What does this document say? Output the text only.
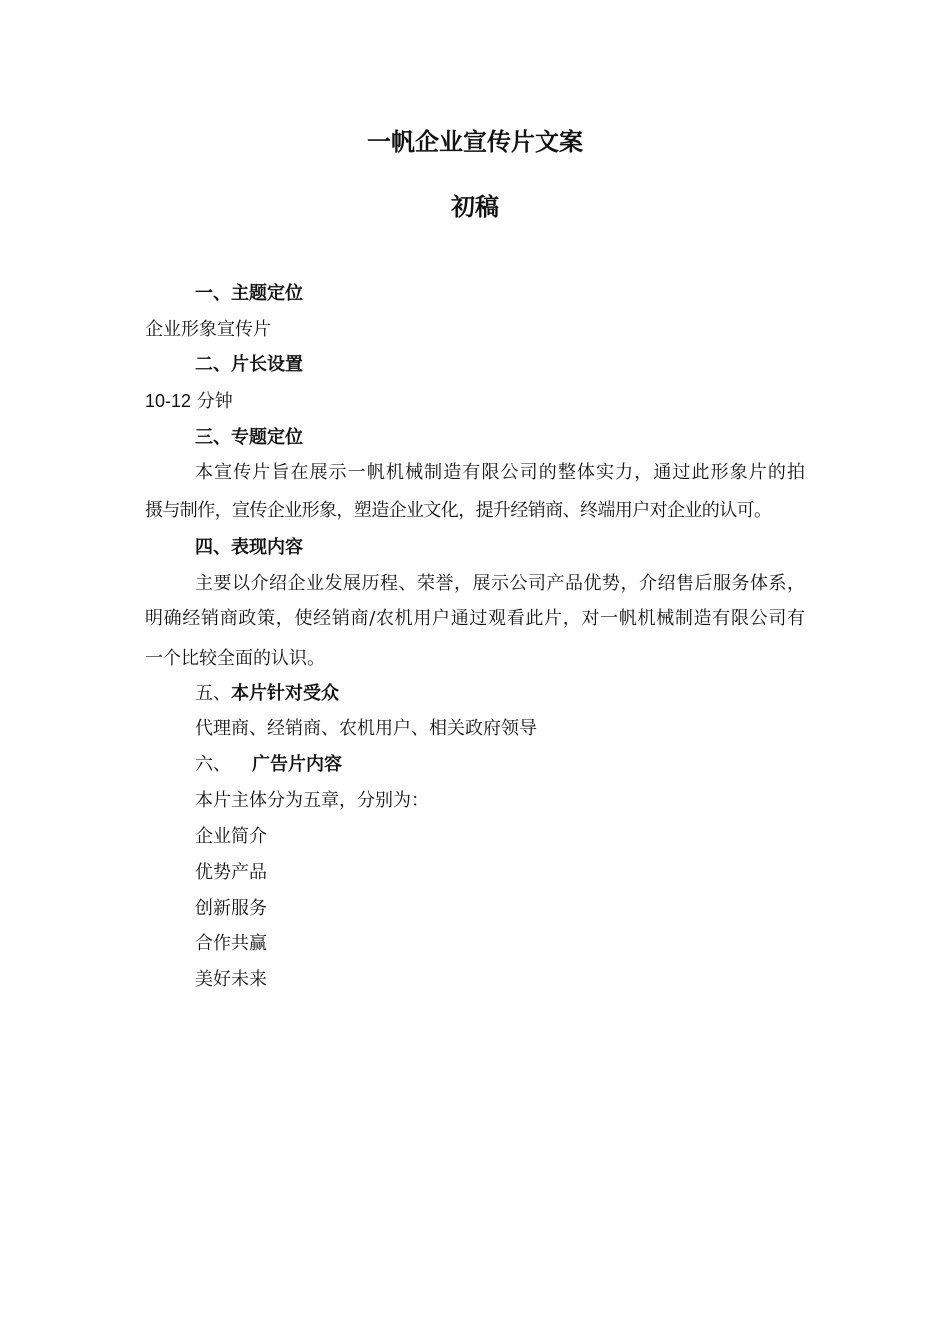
一帆企业宣传片文案
初稿
一、主题定位
企业形象宣传片
二、片长设置
10-12 分钟
三、专题定位
本宣传片旨在展示一帆机械制造有限公司的整体实力，通过此形象片的拍
摄与制作，宣传企业形象，塑造企业文化，提升经销商、终端用户对企业的认可。
四、表现内容
主要以介绍企业发展历程、荣誉，展示公司产品优势，介绍售后服务体系，
明确经销商政策，使经销商/农机用户通过观看此片，对一帆机械制造有限公司有
一个比较全面的认识。
五、本片针对受众
代理商、经销商、农机用户、相关政府领导
六、 广告片内容
本片主体分为五章，分别为：
企业简介
优势产品
创新服务
合作共赢
美好未来
